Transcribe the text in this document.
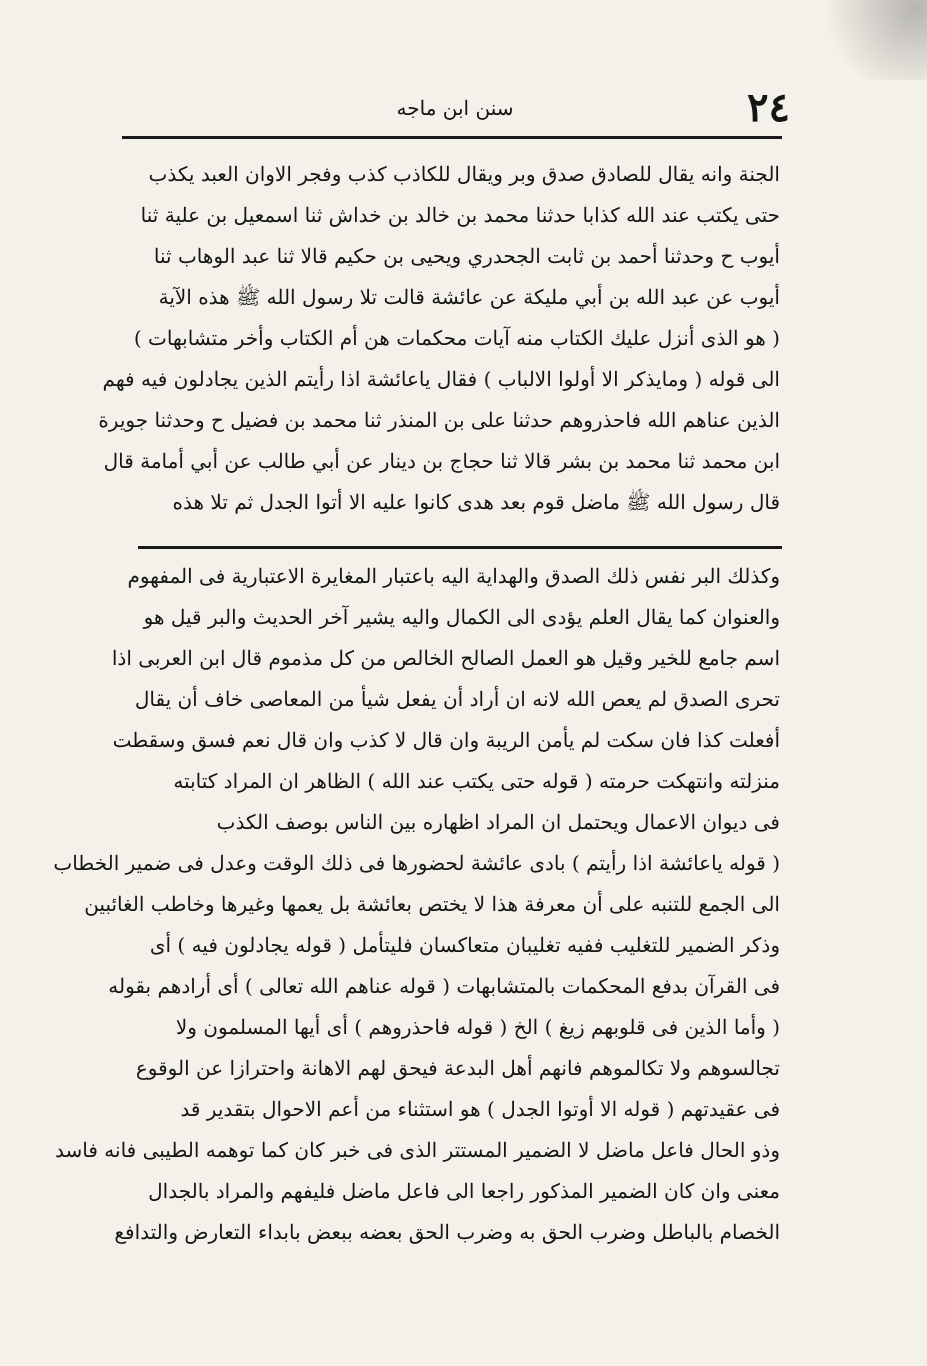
سنن ابن ماجه	٢٤
الجنة وانه يقال للصادق صدق وبر ويقال للكاذب كذب وفجر الاوان العبد يكذب
حتى يكتب عند الله كذابا حدثنا محمد بن خالد بن خداش ثنا اسمعيل بن علية ثنا
أيوب ح وحدثنا أحمد بن ثابت الجحدري ويحيى بن حكيم قالا ثنا عبد الوهاب ثنا
أيوب عن عبد الله بن أبي مليكة عن عائشة قالت تلا رسول الله ﷺ هذه الآية
( هو الذى أنزل عليك الكتاب منه آيات محكمات هن أم الكتاب وأخر متشابهات )
الى قوله ( ومايذكر الا أولوا الالباب ) فقال ياعائشة اذا رأيتم الذين يجادلون فيه فهم
الذين عناهم الله فاحذروهم حدثنا على بن المنذر ثنا محمد بن فضيل ح وحدثنا جويرة
ابن محمد ثنا محمد بن بشر قالا ثنا حجاج بن دينار عن أبي طالب عن أبي أمامة قال
قال رسول الله ﷺ ماضل قوم بعد هدى كانوا عليه الا أتوا الجدل ثم تلا هذه
وكذلك البر نفس ذلك الصدق والهداية اليه باعتبار المغايرة الاعتبارية فى المفهوم
والعنوان كما يقال العلم يؤدى الى الكمال واليه يشير آخر الحديث والبر قيل هو
اسم جامع للخير وقيل هو العمل الصالح الخالص من كل مذموم قال ابن العربى اذا
تحرى الصدق لم يعص الله لانه ان أراد أن يفعل شيأ من المعاصى خاف أن يقال
أفعلت كذا فان سكت لم يأمن الريبة وان قال لا كذب وان قال نعم فسق وسقطت
منزلته وانتهكت حرمته ( قوله حتى يكتب عند الله ) الظاهر ان المراد كتابته
فى ديوان الاعمال ويحتمل ان المراد اظهاره بين الناس بوصف الكذب
( قوله ياعائشة اذا رأيتم ) بادى عائشة لحضورها فى ذلك الوقت وعدل فى ضمير الخطاب
الى الجمع للتنبه على أن معرفة هذا لا يختص بعائشة بل يعمها وغيرها وخاطب الغائبين
وذكر الضمير للتغليب ففيه تغليبان متعاكسان فليتأمل ( قوله يجادلون فيه ) أى
فى القرآن بدفع المحكمات بالمتشابهات ( قوله عناهم الله تعالى ) أى أرادهم بقوله
( وأما الذين فى قلوبهم زيغ ) الخ ( قوله فاحذروهم ) أى أيها المسلمون ولا
تجالسوهم ولا تكالموهم فانهم أهل البدعة فيحق لهم الاهانة واحترازا عن الوقوع
فى عقيدتهم ( قوله الا أوتوا الجدل ) هو استثناء من أعم الاحوال بتقدير قد
وذو الحال فاعل ماضل لا الضمير المستتر الذى فى خبر كان كما توهمه الطيبى فانه فاسد
معنى وان كان الضمير المذكور راجعا الى فاعل ماضل فليفهم والمراد بالجدال
الخصام بالباطل وضرب الحق به وضرب الحق بعضه ببعض بابداء التعارض والتدافع
